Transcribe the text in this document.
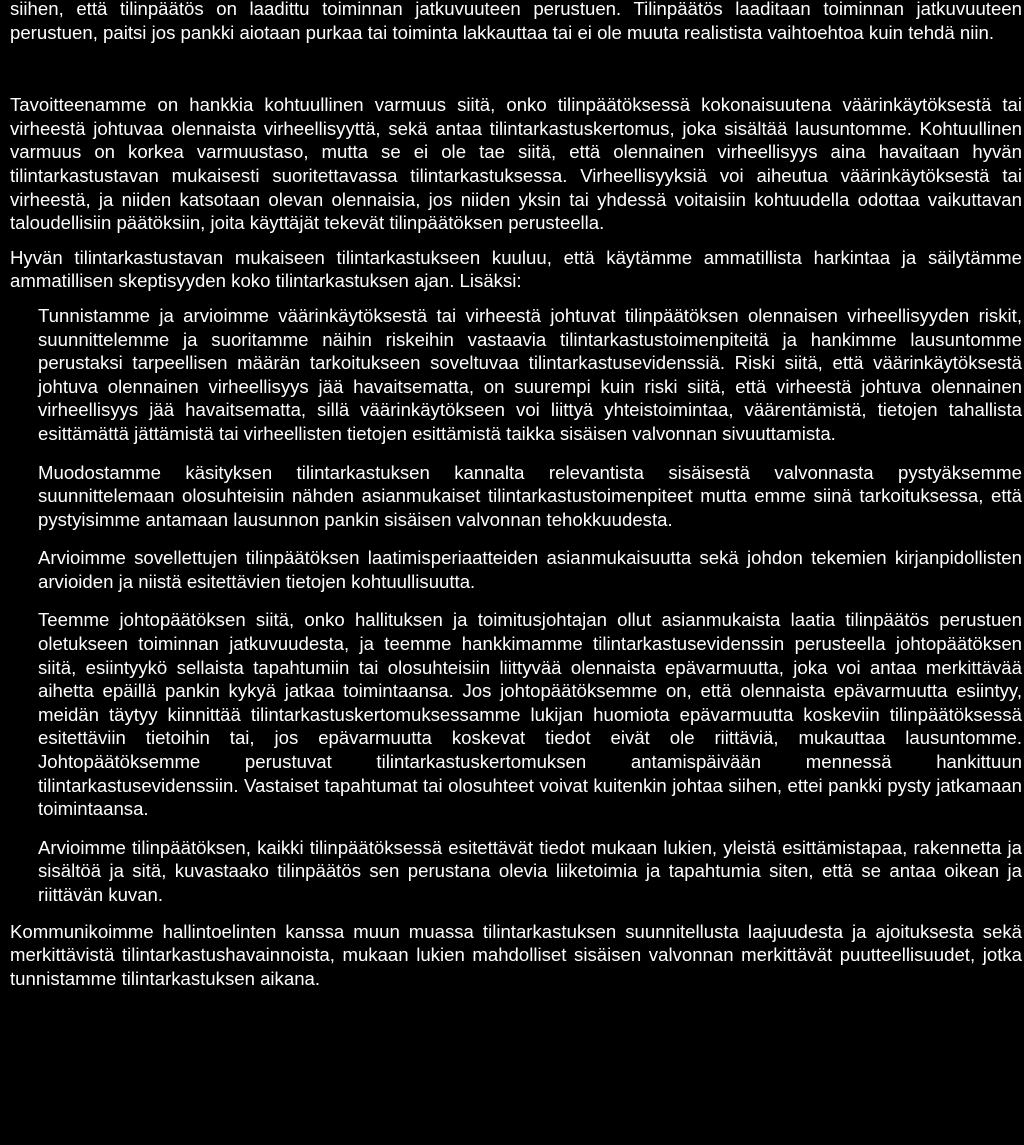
siihen, että tilinpäätös on laadittu toiminnan jatkuvuuteen perustuen. Tilinpäätös laaditaan toiminnan jatkuvuuteen perustuen, paitsi jos pankki aiotaan purkaa tai toiminta lakkauttaa tai ei ole muuta realistista vaihtoehtoa kuin tehdä niin.

Tavoitteenamme on hankkia kohtuullinen varmuus siitä, onko tilinpäätöksessä kokonaisuutena väärinkäytöksestä tai virheestä johtuvaa olennaista virheellisyyttä, sekä antaa tilintarkastuskertomus, joka sisältää lausuntomme. Kohtuullinen varmuus on korkea varmuustaso, mutta se ei ole tae siitä, että olennainen virheellisyys aina havaitaan hyvän tilintarkastustavan mukaisesti suoritettavassa tilintarkastuksessa. Virheellisyyksiä voi aiheutua väärinkäytöksestä tai virheestä, ja niiden katsotaan olevan olennaisia, jos niiden yksin tai yhdessä voitaisiin kohtuudella odottaa vaikuttavan taloudellisiin päätöksiin, joita käyttäjät tekevät tilinpäätöksen perusteella.

Hyvän tilintarkastustavan mukaiseen tilintarkastukseen kuuluu, että käytämme ammatillista harkintaa ja säilytämme ammatillisen skeptisyyden koko tilintarkastuksen ajan. Lisäksi:

Tunnistamme ja arvioimme väärinkäytöksestä tai virheestä johtuvat tilinpäätöksen olennaisen virheellisyyden riskit, suunnittelemme ja suoritamme näihin riskeihin vastaavia tilintarkastustoimenpiteitä ja hankimme lausuntomme perustaksi tarpeellisen määrän tarkoitukseen soveltuvaa tilintarkastusevidenssiä. Riski siitä, että väärinkäytöksestä johtuva olennainen virheellisyys jää havaitsematta, on suurempi kuin riski siitä, että virheestä johtuva olennainen virheellisyys jää havaitsematta, sillä väärinkäytökseen voi liittyä yhteistoimintaa, väärentämistä, tietojen tahallista esittämättä jättämistä tai virheellisten tietojen esittämistä taikka sisäisen valvonnan sivuuttamista.

Muodostamme käsityksen tilintarkastuksen kannalta relevantista sisäisestä valvonnasta pystyäksemme suunnittelemaan olosuhteisiin nähden asianmukaiset tilintarkastustoimenpiteet mutta emme siinä tarkoituksessa, että pystyisimme antamaan lausunnon pankin sisäisen valvonnan tehokkuudesta.

Arvioimme sovellettujen tilinpäätöksen laatimisperiaatteiden asianmukaisuutta sekä johdon tekemien kirjanpidollisten arvioiden ja niistä esitettävien tietojen kohtuullisuutta.

Teemme johtopäätöksen siitä, onko hallituksen ja toimitusjohtajan ollut asianmukaista laatia tilinpäätös perustuen oletukseen toiminnan jatkuvuudesta, ja teemme hankkimamme tilintarkastusevidenssin perusteella johtopäätöksen siitä, esiintyykö sellaista tapahtumiin tai olosuhteisiin liittyvää olennaista epävarmuutta, joka voi antaa merkittävää aihetta epäillä pankin kykyä jatkaa toimintaansa. Jos johtopäätöksemme on, että olennaista epävarmuutta esiintyy, meidän täytyy kiinnittää tilintarkastuskertomuksessamme lukijan huomiota epävarmuutta koskeviin tilinpäätöksessä esitettäviin tietoihin tai, jos epävarmuutta koskevat tiedot eivät ole riittäviä, mukauttaa lausuntomme. Johtopäätöksemme perustuvat tilintarkastuskertomuksen antamispäivään mennessä hankittuun tilintarkastusevidenssiin. Vastaiset tapahtumat tai olosuhteet voivat kuitenkin johtaa siihen, ettei pankki pysty jatkamaan toimintaansa.

Arvioimme tilinpäätöksen, kaikki tilinpäätöksessä esitettävät tiedot mukaan lukien, yleistä esittämistapaa, rakennetta ja sisältöä ja sitä, kuvastaako tilinpäätös sen perustana olevia liiketoimia ja tapahtumia siten, että se antaa oikean ja riittävän kuvan.

Kommunikoimme hallintoelinten kanssa muun muassa tilintarkastuksen suunnitellusta laajuudesta ja ajoituksesta sekä merkittävistä tilintarkastushavainnoista, mukaan lukien mahdolliset sisäisen valvonnan merkittävät puutteellisuudet, jotka tunnistamme tilintarkastuksen aikana.
